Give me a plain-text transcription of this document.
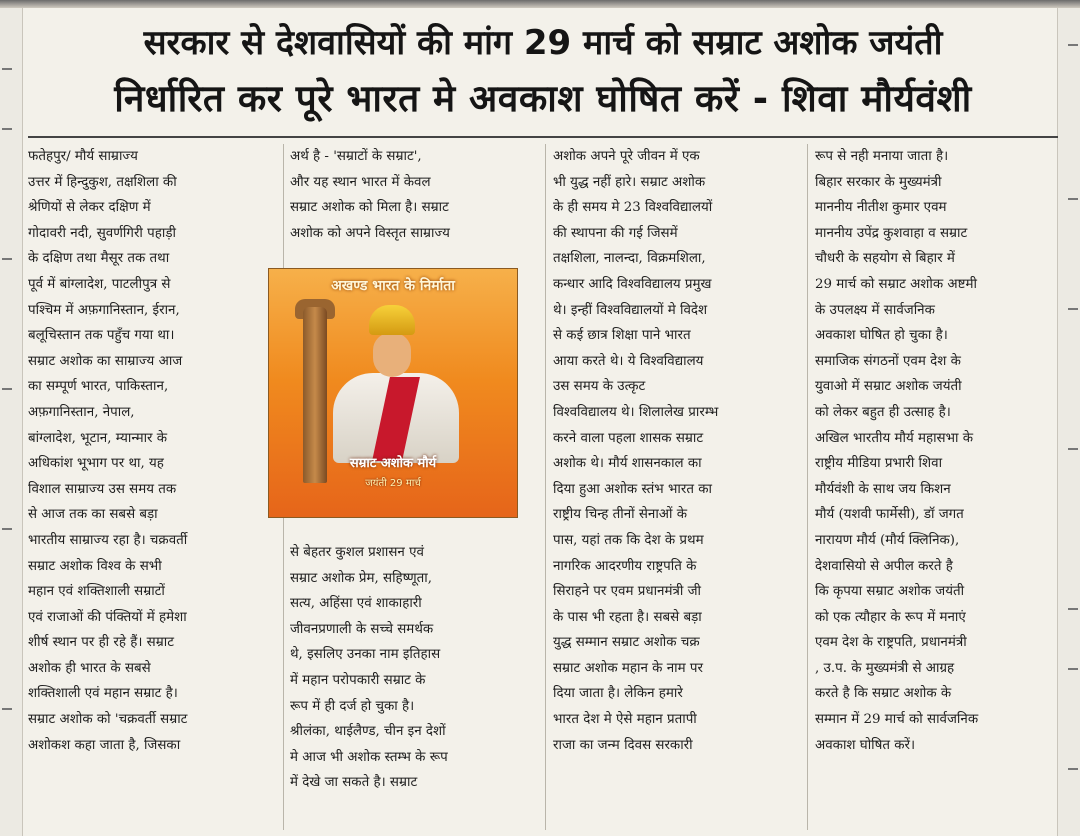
सरकार से देशवासियों की मांग 29 मार्च को सम्राट अशोक जयंती
निर्धारित कर पूरे भारत मे अवकाश घोषित करें - शिवा मौर्यवंशी
फतेहपुर/ मौर्य साम्राज्य
उत्तर में हिन्दुकुश, तक्षशिला की
श्रेणियों से लेकर दक्षिण में
गोदावरी नदी, सुवर्णगिरी पहाड़ी
के दक्षिण तथा मैसूर तक तथा
पूर्व में बांग्लादेश, पाटलीपुत्र से
पश्चिम में अफ़गानिस्तान, ईरान,
बलूचिस्तान तक पहुँच गया था।
सम्राट अशोक का साम्राज्य आज
का सम्पूर्ण भारत, पाकिस्तान,
अफ़गानिस्तान, नेपाल,
बांग्लादेश, भूटान, म्यान्मार के
अधिकांश भूभाग पर था, यह
विशाल साम्राज्य उस समय तक
से आज तक का सबसे बड़ा
भारतीय साम्राज्य रहा है। चक्रवर्ती
सम्राट अशोक विश्व के सभी
महान एवं शक्तिशाली सम्राटों
एवं राजाओं की पंक्तियों में हमेशा
शीर्ष स्थान पर ही रहे हैं। सम्राट
अशोक ही भारत के सबसे
शक्तिशाली एवं महान सम्राट है।
सम्राट अशोक को 'चक्रवर्ती सम्राट
अशोकश कहा जाता है, जिसका
अर्थ है - 'सम्राटों के सम्राट',
और यह स्थान भारत में केवल
सम्राट अशोक को मिला है। सम्राट
अशोक को अपने विस्तृत साम्राज्य
अखण्ड भारत के निर्माता
सम्राट अशोक मौर्य
जयंती 29 मार्च
से बेहतर कुशल प्रशासन एवं
सम्राट अशोक प्रेम, सहिष्णूता,
सत्य, अहिंसा एवं शाकाहारी
जीवनप्रणाली के सच्चे समर्थक
थे, इसलिए उनका नाम इतिहास
में महान परोपकारी सम्राट के
रूप में ही दर्ज हो चुका है।
श्रीलंका, थाईलैण्ड, चीन इन देशों
मे आज भी अशोक स्तम्भ के रूप
में देखे जा सकते है। सम्राट
अशोक अपने पूरे जीवन में एक
भी युद्ध नहीं हारे। सम्राट अशोक
के ही समय मे 23 विश्वविद्यालयों
की स्थापना की गई जिसमें
तक्षशिला, नालन्दा, विक्रमशिला,
कन्धार आदि विश्वविद्यालय प्रमुख
थे। इन्हीं विश्वविद्यालयों मे विदेश
से कई छात्र शिक्षा पाने भारत
आया करते थे। ये विश्वविद्यालय
उस समय के उत्कृट
विश्वविद्यालय थे। शिलालेख प्रारम्भ
करने वाला पहला शासक सम्राट
अशोक थे। मौर्य शासनकाल का
दिया हुआ अशोक स्तंभ भारत का
राष्ट्रीय चिन्ह तीनों सेनाओं के
पास, यहां तक कि देश के प्रथम
नागरिक आदरणीय राष्ट्रपति के
सिराहने पर एवम प्रधानमंत्री जी
के पास भी रहता है। सबसे बड़ा
युद्ध सम्मान सम्राट अशोक चक्र
सम्राट अशोक महान के नाम पर
दिया जाता है। लेकिन हमारे
भारत देश मे ऐसे महान प्रतापी
राजा का जन्म दिवस सरकारी
रूप से नही मनाया जाता है।
बिहार सरकार के मुख्यमंत्री
माननीय नीतीश कुमार एवम
माननीय उपेंद्र कुशवाहा व सम्राट
चौधरी के सहयोग से बिहार में
29 मार्च को सम्राट अशोक अष्टमी
के उपलक्ष्य में सार्वजनिक
अवकाश घोषित हो चुका है।
समाजिक संगठनों एवम देश के
युवाओ में सम्राट अशोक जयंती
को लेकर बहुत ही उत्साह है।
अखिल भारतीय मौर्य महासभा के
राष्ट्रीय मीडिया प्रभारी शिवा
मौर्यवंशी के साथ जय किशन
मौर्य (यशवी फार्मेसी), डॉ जगत
नारायण मौर्य (मौर्य क्लिनिक),
देशवासियो से अपील करते है
कि कृपया सम्राट अशोक जयंती
को एक त्यौहार के रूप में मनाएं
एवम देश के राष्ट्रपति, प्रधानमंत्री
, उ.प. के मुख्यमंत्री से आग्रह
करते है कि सम्राट अशोक के
सम्मान में 29 मार्च को सार्वजनिक
अवकाश घोषित करें।
